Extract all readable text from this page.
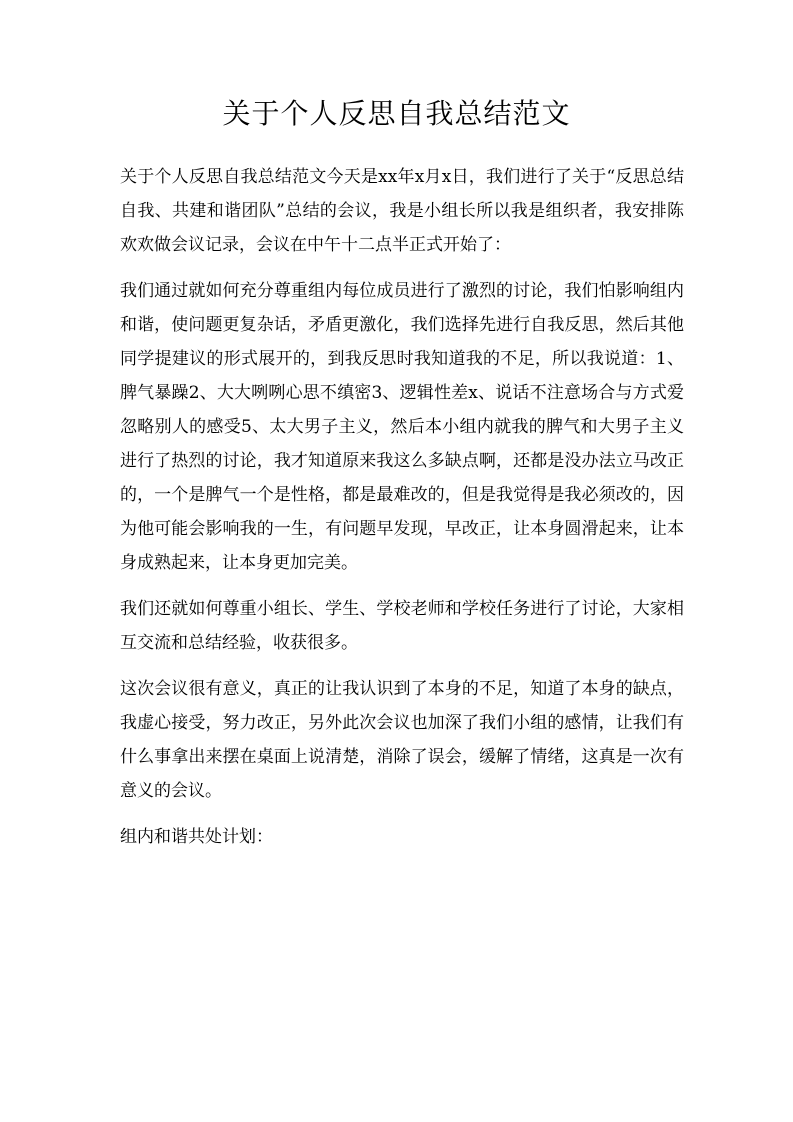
关于个人反思自我总结范文

关于个人反思自我总结范文今天是xx年x月x日，我们进行了关于“反思总结自我、共建和谐团队”总结的会议，我是小组长所以我是组织者，我安排陈欢欢做会议记录，会议在中午十二点半正式开始了：

我们通过就如何充分尊重组内每位成员进行了激烈的讨论，我们怕影响组内和谐，使问题更复杂话，矛盾更激化，我们选择先进行自我反思，然后其他同学提建议的形式展开的，到我反思时我知道我的不足，所以我说道：1、脾气暴躁2、大大咧咧心思不缜密3、逻辑性差x、说话不注意场合与方式爱忽略别人的感受5、太大男子主义，然后本小组内就我的脾气和大男子主义进行了热烈的讨论，我才知道原来我这么多缺点啊，还都是没办法立马改正的，一个是脾气一个是性格，都是最难改的，但是我觉得是我必须改的，因为他可能会影响我的一生，有问题早发现，早改正，让本身圆滑起来，让本身成熟起来，让本身更加完美。

我们还就如何尊重小组长、学生、学校老师和学校任务进行了讨论，大家相互交流和总结经验，收获很多。

这次会议很有意义，真正的让我认识到了本身的不足，知道了本身的缺点，我虚心接受，努力改正，另外此次会议也加深了我们小组的感情，让我们有什么事拿出来摆在桌面上说清楚，消除了误会，缓解了情绪，这真是一次有意义的会议。

组内和谐共处计划：
